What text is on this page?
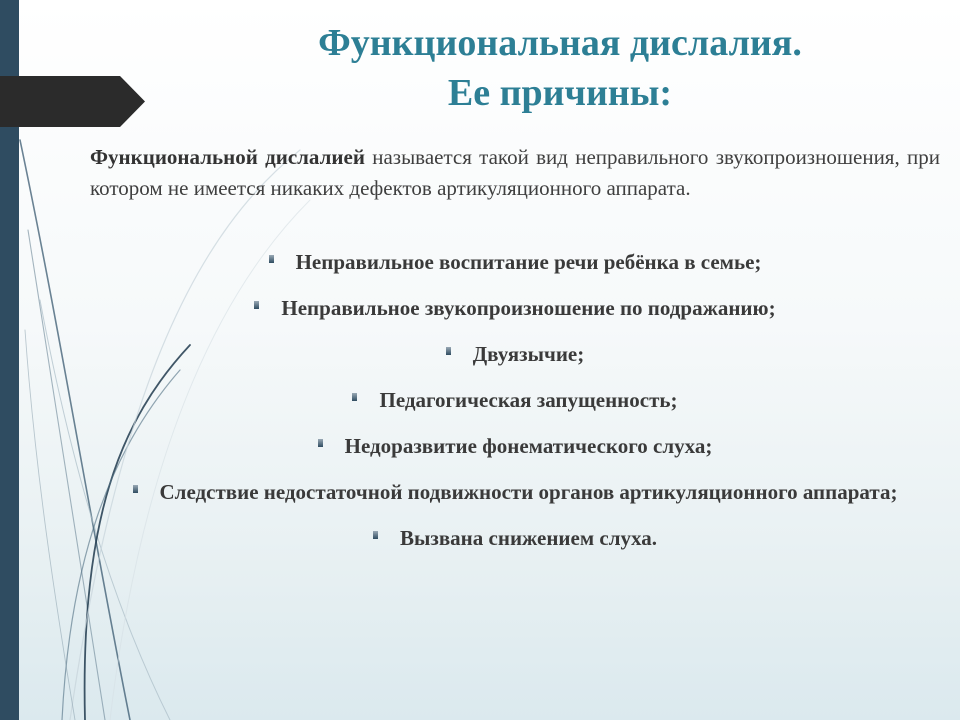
Функциональная дислалия.
Ее причины:
Функциональной дислалией называется такой вид неправильного звукопроизношения, при котором не имеется никаких дефектов артикуляционного аппарата.
Неправильное воспитание речи ребёнка в семье;
Неправильное звукопроизношение по подражанию;
Двуязычие;
Педагогическая запущенность;
Недоразвитие фонематического слуха;
Следствие недостаточной подвижности органов артикуляционного аппарата;
Вызвана снижением слуха.
